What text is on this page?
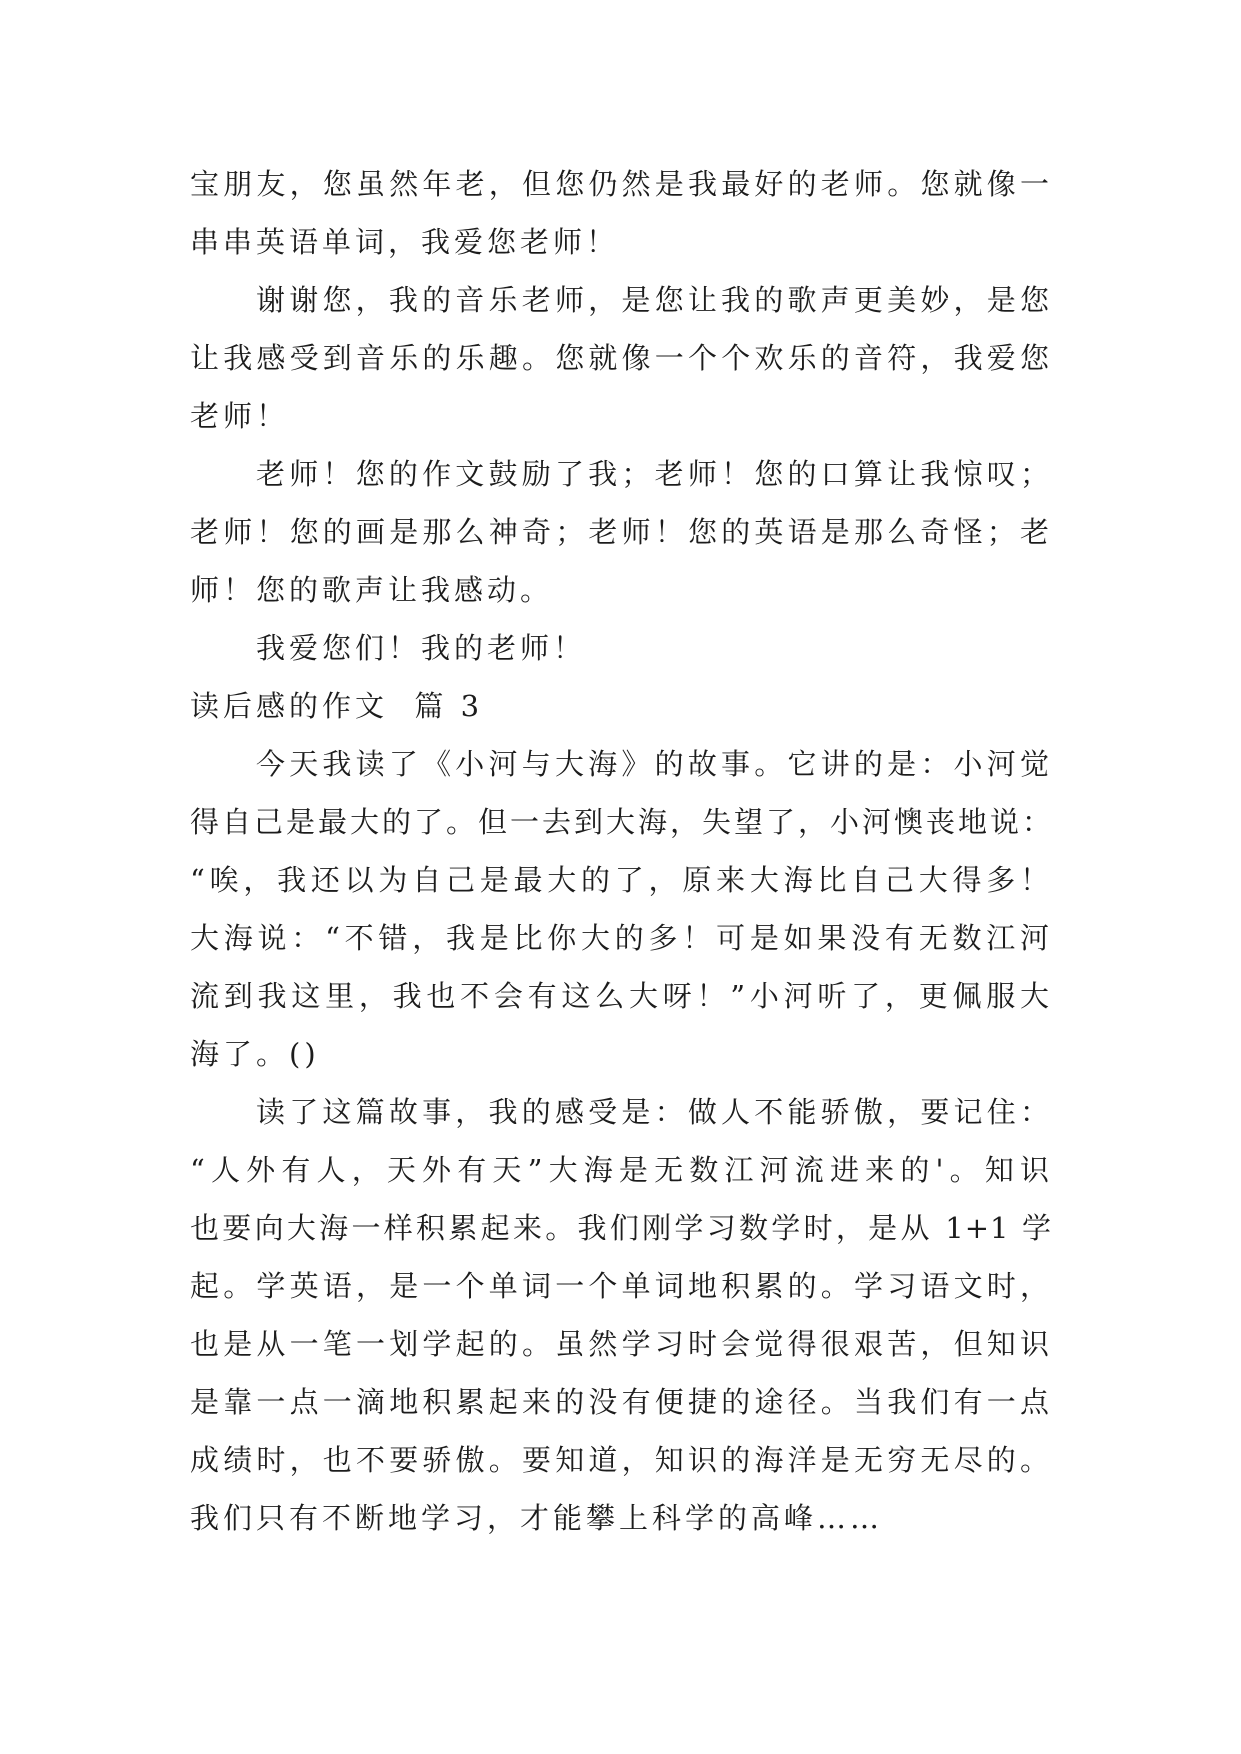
宝朋友，您虽然年老，但您仍然是我最好的老师。您就像一
串串英语单词，我爱您老师！
谢谢您，我的音乐老师，是您让我的歌声更美妙，是您
让我感受到音乐的乐趣。您就像一个个欢乐的音符，我爱您
老师！
老师！您的作文鼓励了我；老师！您的口算让我惊叹；
老师！您的画是那么神奇；老师！您的英语是那么奇怪；老
师！您的歌声让我感动。
我爱您们！我的老师！
读后感的作文  篇 3
今天我读了《小河与大海》的故事。它讲的是：小河觉
得自己是最大的了。但一去到大海，失望了，小河懊丧地说：
“唉，我还以为自己是最大的了，原来大海比自己大得多！
大海说：“不错，我是比你大的多！可是如果没有无数江河
流到我这里，我也不会有这么大呀！”小河听了，更佩服大
海了。()
读了这篇故事，我的感受是：做人不能骄傲，要记住：
“人外有人，天外有天”大海是无数江河流进来的'。知识
也要向大海一样积累起来。我们刚学习数学时，是从 1+1 学
起。学英语，是一个单词一个单词地积累的。学习语文时，
也是从一笔一划学起的。虽然学习时会觉得很艰苦，但知识
是靠一点一滴地积累起来的没有便捷的途径。当我们有一点
成绩时，也不要骄傲。要知道，知识的海洋是无穷无尽的。
我们只有不断地学习，才能攀上科学的高峰……
